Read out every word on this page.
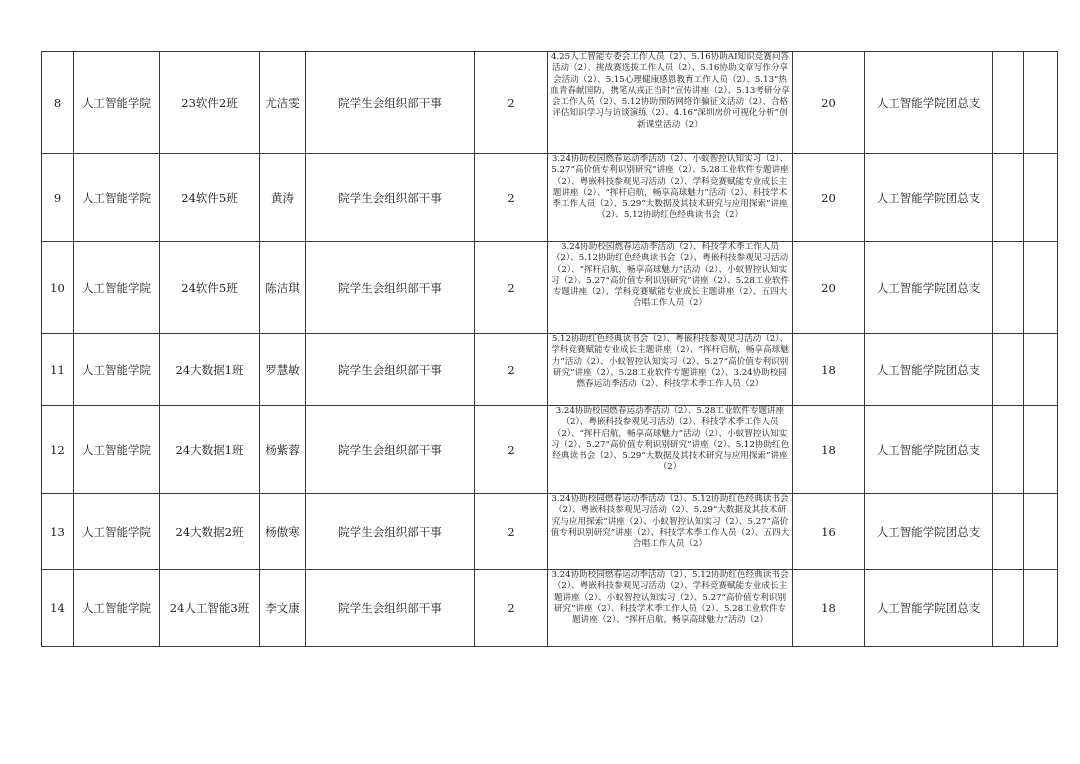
8	人工智能学院	23软件2班	尤洁雯	院学生会组织部干事	2	4.25人工智能专委会工作人员（2）、5.16协助AI知识竞赛问答活动（2）、挑战赛选拔工作人员（2）、5.16协助文章写作分享会活动（2）、5.15心理健康感恩教育工作人员（2）、5.13“热血青春献国防，携笔从戎正当时”宣传讲座（2）、5.13考研分享会工作人员（2）、5.12协助预防网络诈骗征文活动（2）、合格评估知识学习与访谈演练（2）、4.16“深圳房价可视化分析”创新课堂活动（2）	20	人工智能学院团总支		
9	人工智能学院	24软件5班	黄涛	院学生会组织部干事	2	3.24协助校园燃春运动季活动（2）、小蚁智控认知实习（2）、5.27“高价值专利识别研究”讲座（2）、5.28工业软件专题讲座（2）、粤嵌科技参观见习活动（2）、学科竞赛赋能专业成长主题讲座（2）、“挥杆启航，畅享高球魅力”活动（2）、科技学术季工作人员（2）、5.29“大数据及其技术研究与应用探索”讲座（2）、5.12协助红色经典读书会（2）	20	人工智能学院团总支		
10	人工智能学院	24软件5班	陈洁琪	院学生会组织部干事	2	3.24协助校园燃春运动季活动（2）、科技学术季工作人员（2）、5.12协助红色经典读书会（2）、粤嵌科技参观见习活动（2）、“挥杆启航，畅享高球魅力”活动（2）、小蚁智控认知实习（2）、5.27“高价值专利识别研究”讲座（2）、5.28工业软件专题讲座（2）、学科竞赛赋能专业成长主题讲座（2）、五四大合唱工作人员（2）	20	人工智能学院团总支		
11	人工智能学院	24大数据1班	罗慧敏	院学生会组织部干事	2	5.12协助红色经典读书会（2）、粤嵌科技参观见习活动（2）、学科竞赛赋能专业成长主题讲座（2）、“挥杆启航，畅享高球魅力”活动（2）、小蚁智控认知实习（2）、5.27“高价值专利识别研究”讲座（2）、5.28工业软件专题讲座（2）、3.24协助校园燃春运动季活动（2）、科技学术季工作人员（2）	18	人工智能学院团总支		
12	人工智能学院	24大数据1班	杨紫蓉	院学生会组织部干事	2	3.24协助校园燃春运动季活动（2）、5.28工业软件专题讲座（2）、粤嵌科技参观见习活动（2）、科技学术季工作人员（2）、“挥杆启航，畅享高球魅力”活动（2）、小蚁智控认知实习（2）、5.27“高价值专利识别研究”讲座（2）、5.12协助红色经典读书会（2）、5.29“大数据及其技术研究与应用探索”讲座（2）	18	人工智能学院团总支		
13	人工智能学院	24大数据2班	杨傲寒	院学生会组织部干事	2	3.24协助校园燃春运动季活动（2）、5.12协助红色经典读书会（2）、粤嵌科技参观见习活动（2）、5.29“大数据及其技术研究与应用探索”讲座（2）、小蚁智控认知实习（2）、5.27“高价值专利识别研究”讲座（2）、科技学术季工作人员（2）、五四大合唱工作人员（2）	16	人工智能学院团总支		
14	人工智能学院	24人工智能3班	李文康	院学生会组织部干事	2	3.24协助校园燃春运动季活动（2）、5.12协助红色经典读书会（2）、粤嵌科技参观见习活动（2）、学科竞赛赋能专业成长主题讲座（2）、小蚁智控认知实习（2）、5.27“高价值专利识别研究”讲座（2）、科技学术季工作人员（2）、5.28工业软件专题讲座（2）、“挥杆启航，畅享高球魅力”活动（2）	18	人工智能学院团总支		
